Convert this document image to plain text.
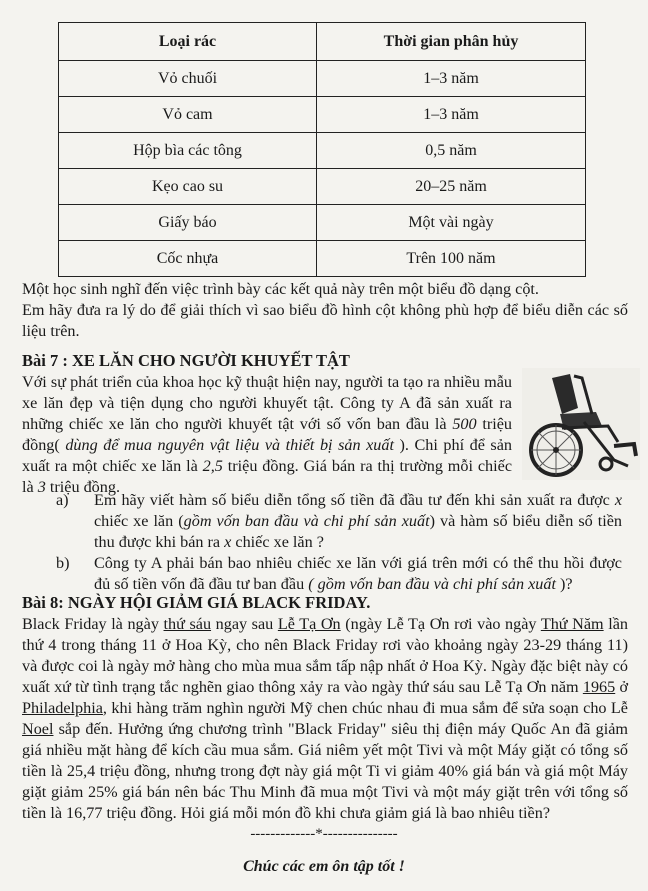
Loại rác	Thời gian phân hủy
Vỏ chuối	1–3 năm
Vỏ cam	1–3 năm
Hộp bìa các tông	0,5 năm
Kẹo cao su	20–25 năm
Giấy báo	Một vài ngày
Cốc nhựa	Trên 100 năm

Một học sinh nghĩ đến việc trình bày các kết quả này trên một biểu đồ dạng cột.

Em hãy đưa ra lý do để giải thích vì sao biểu đồ hình cột không phù hợp để biểu diễn các số liệu trên.

Bài 7 : XE LĂN CHO NGƯỜI KHUYẾT TẬT

Với sự phát triển của khoa học kỹ thuật hiện nay, người ta tạo ra nhiều mẫu xe lăn đẹp và tiện dụng cho người khuyết tật. Công ty A đã sản xuất ra những chiếc xe lăn cho người khuyết tật với số vốn ban đầu là 500 triệu đồng( dùng để mua nguyên vật liệu và thiết bị sản xuất ). Chi phí để sản xuất ra một chiếc xe lăn là 2,5 triệu đồng. Giá bán ra thị trường mỗi chiếc là 3 triệu đồng.

a) Em hãy viết hàm số biểu diễn tổng số tiền đã đầu tư đến khi sản xuất ra được x chiếc xe lăn (gồm vốn ban đầu và chi phí sản xuất) và hàm số biểu diễn số tiền thu được khi bán ra x chiếc xe lăn ?
b) Công ty A phải bán bao nhiêu chiếc xe lăn với giá trên mới có thể thu hồi được đủ số tiền vốn đã đầu tư ban đầu ( gồm vốn ban đầu và chi phí sản xuất )?

Bài 8: NGÀY HỘI GIẢM GIÁ BLACK FRIDAY.

Black Friday là ngày thứ sáu ngay sau Lễ Tạ Ơn (ngày Lễ Tạ Ơn rơi vào ngày Thứ Năm lần thứ 4 trong tháng 11 ở Hoa Kỳ, cho nên Black Friday rơi vào khoảng ngày 23-29 tháng 11) và được coi là ngày mở hàng cho mùa mua sắm tấp nập nhất ở Hoa Kỳ. Ngày đặc biệt này có xuất xứ từ tình trạng tắc nghẽn giao thông xảy ra vào ngày thứ sáu sau Lễ Tạ Ơn năm 1965 ở Philadelphia, khi hàng trăm nghìn người Mỹ chen chúc nhau đi mua sắm để sửa soạn cho Lễ Noel sắp đến. Hưởng ứng chương trình "Black Friday" siêu thị điện máy Quốc An đã giảm giá nhiều mặt hàng để kích cầu mua sắm. Giá niêm yết một Tivi và một Máy giặt có tổng số tiền là 25,4 triệu đồng, nhưng trong đợt này giá một Ti vi giảm 40% giá bán và giá một Máy giặt giảm 25% giá bán nên bác Thu Minh đã mua một Tivi và một máy giặt trên với tổng số tiền là 16,77 triệu đồng. Hỏi giá mỗi món đồ khi chưa giảm giá là bao nhiêu tiền?

-------------*---------------
Chúc các em ôn tập tốt !
